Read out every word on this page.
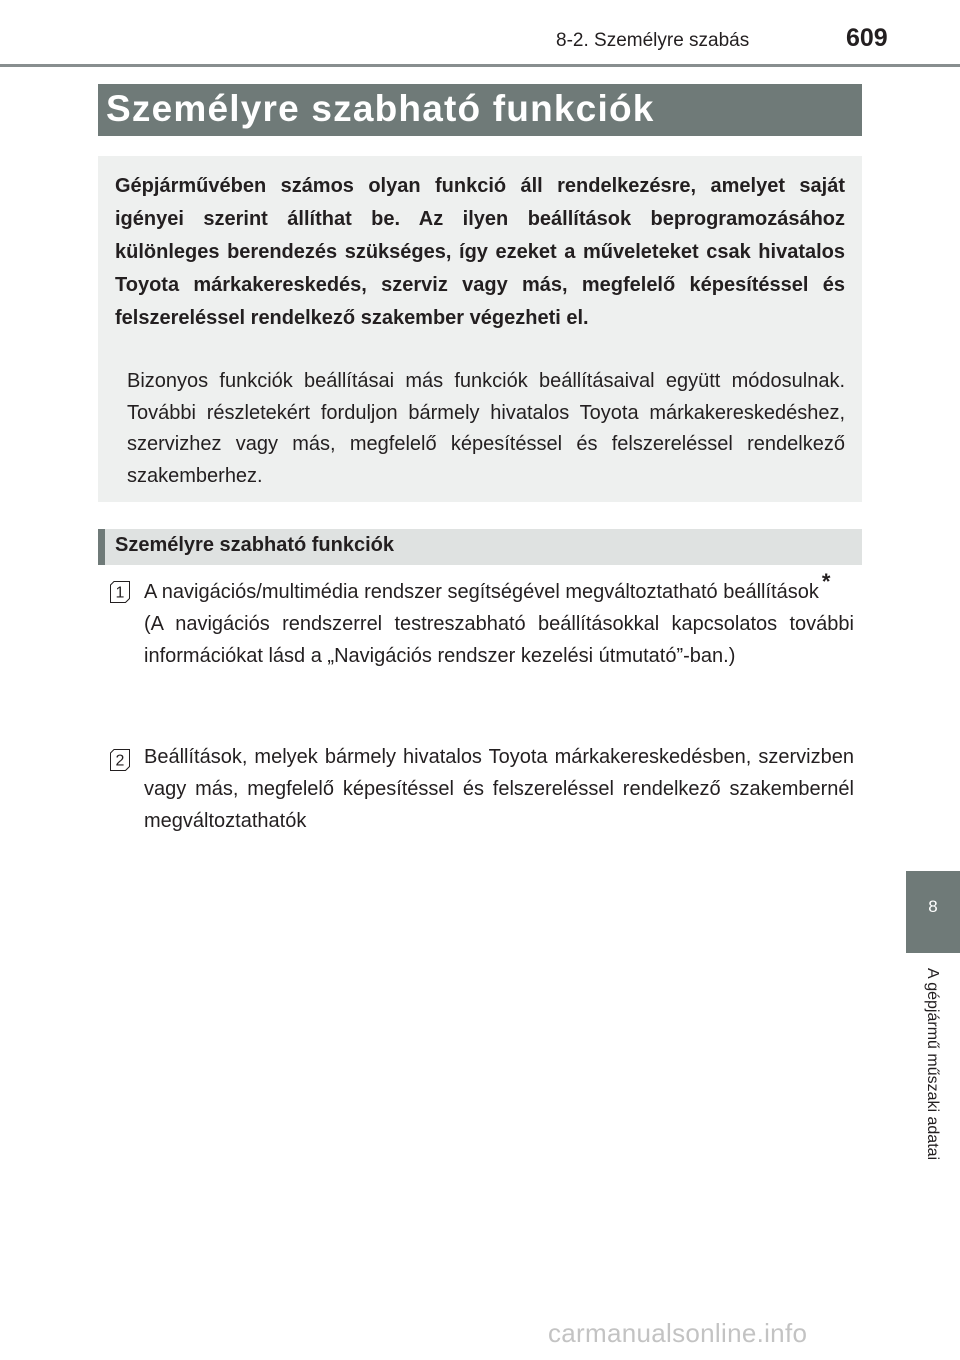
8-2. Személyre szabás	609
Személyre szabható funkciók
Gépjárművében számos olyan funkció áll rendelkezésre, amelyet saját igényei szerint állíthat be. Az ilyen beállítások beprogramozásához különleges berendezés szükséges, így ezeket a műveleteket csak hivatalos Toyota márkakereskedés, szerviz vagy más, megfelelő képesítéssel és felszereléssel rendelkező szakember végezheti el.
Bizonyos funkciók beállításai más funkciók beállításaival együtt módosulnak. További részletekért forduljon bármely hivatalos Toyota márkakereskedéshez, szervizhez vagy más, megfelelő képesítéssel és felszereléssel rendelkező szakemberhez.
Személyre szabható funkciók
1 A navigációs/multimédia rendszer segítségével megváltoztatható beállítások *
(A navigációs rendszerrel testreszabható beállításokkal kapcsolatos további információkat lásd a „Navigációs rendszer kezelési útmutató”-ban.)
2 Beállítások, melyek bármely hivatalos Toyota márkakereskedésben, szervizben vagy más, megfelelő képesítéssel és felszereléssel rendelkező szakembernél megváltoztathatók
8
A gépjármű műszaki adatai
carmanualsonline.info
